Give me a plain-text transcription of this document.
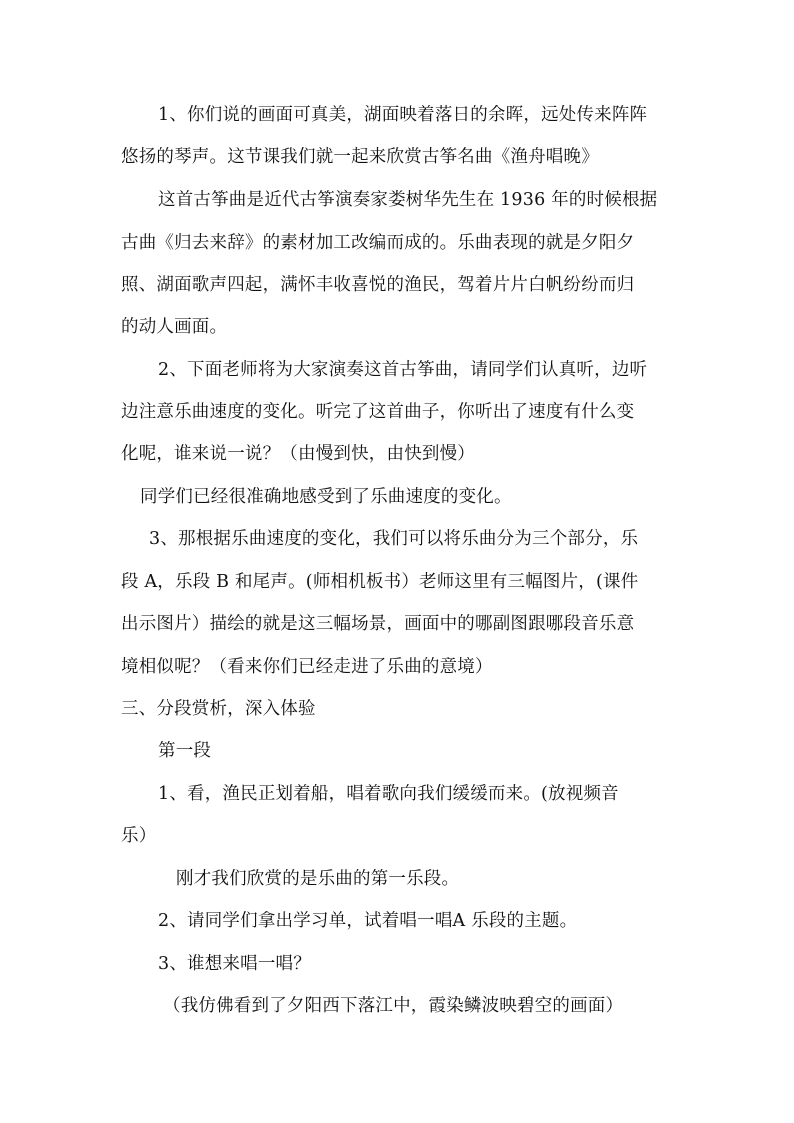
1、你们说的画面可真美，湖面映着落日的余晖，远处传来阵阵
悠扬的琴声。这节课我们就一起来欣赏古筝名曲《渔舟唱晚》
这首古筝曲是近代古筝演奏家娄树华先生在 1936 年的时候根据
古曲《归去来辞》的素材加工改编而成的。乐曲表现的就是夕阳夕
照、湖面歌声四起，满怀丰收喜悦的渔民，驾着片片白帆纷纷而归
的动人画面。
2、下面老师将为大家演奏这首古筝曲，请同学们认真听，边听
边注意乐曲速度的变化。听完了这首曲子，你听出了速度有什么变
化呢，谁来说一说？（由慢到快，由快到慢）
同学们已经很准确地感受到了乐曲速度的变化。
3、那根据乐曲速度的变化，我们可以将乐曲分为三个部分，乐
段 A，乐段 B 和尾声。(师相机板书）老师这里有三幅图片，(课件
出示图片）描绘的就是这三幅场景，画面中的哪副图跟哪段音乐意
境相似呢？（看来你们已经走进了乐曲的意境）
三、分段赏析，深入体验
第一段
1、看，渔民正划着船，唱着歌向我们缓缓而来。(放视频音
乐）
刚才我们欣赏的是乐曲的第一乐段。
2、请同学们拿出学习单，试着唱一唱A 乐段的主题。
3、谁想来唱一唱？
（我仿佛看到了夕阳西下落江中，霞染鳞波映碧空的画面）
